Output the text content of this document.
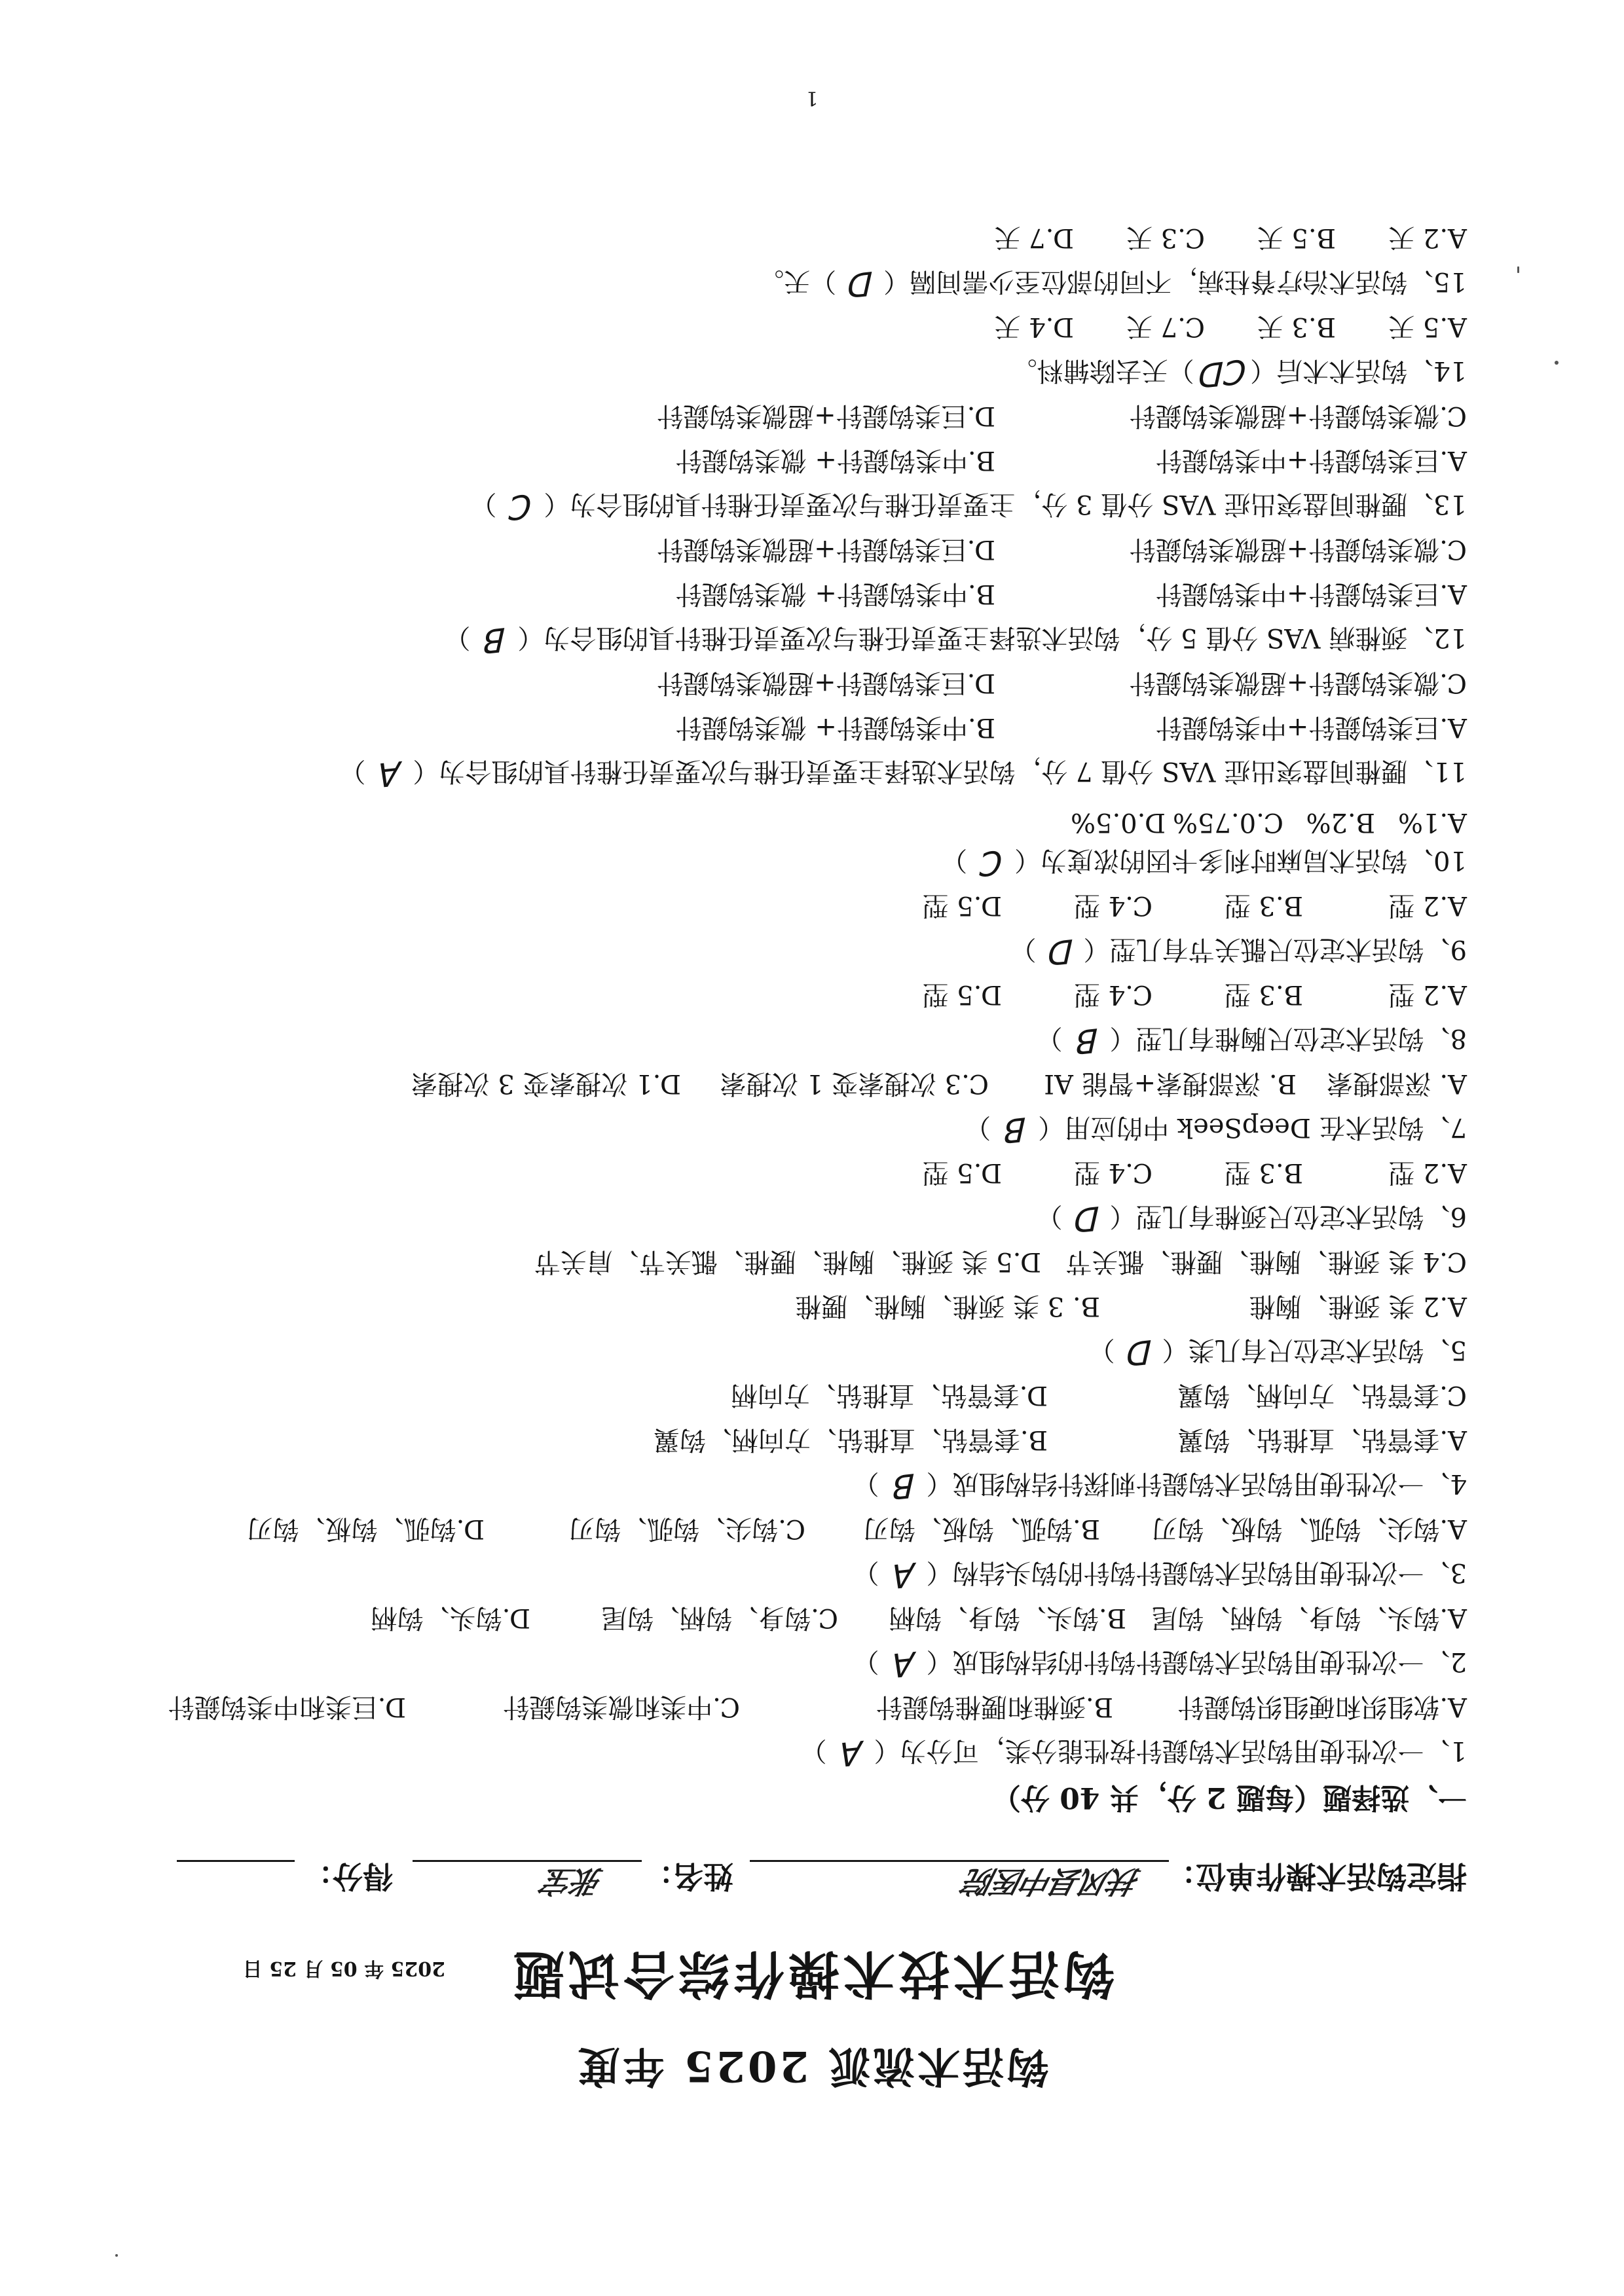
钩活术流派 2025 年度
钩活术技术操作综合试题
2025 年 05 月 25 日
指定钩活术操作单位：
扶风县中医院
姓名：
张宝
得分：
一、选择题（每题 2 分，共 40 分）
1、一次性使用钩活术钩鍉针按性能分类，可分为（A）
A.软组织和硬组织钩鍉针
B.颈椎和腰椎钩鍉针
C.中类和微类钩鍉针
D.巨类和中类钩鍉针
2、一次性使用钩活术钩鍉针钩针的结构组成（A）
A.钩头、钩身、钩柄、钩尾
B.钩头、钩身、钩柄
C.钩身、钩柄、钩尾
D.钩头、钩柄
3、一次性使用钩活术钩鍉针钩针的钩头结构（A）
A.钩尖、钩弧、钩板、钩刃
B.钩弧、钩板、钩刃
C.钩尖、钩弧、钩刃
D.钩弧、钩板、钩刃
4、一次性使用钩活术钩鍉针刺探针结构组成（B）
A.套管钻、直推钻、钩翼
B.套管钻、直推钻、方向柄、钩翼
C.套管钻、方向柄、钩翼
D.套管钻、直推钻、方向柄
5、钩活术定位尺有几类（D）
A.2 类 颈椎、胸椎
B. 3 类 颈椎、胸椎、腰椎
C.4 类 颈椎、胸椎、腰椎、骶关节
D.5 类 颈椎、胸椎、腰椎、骶关节、肩关节
6、钩活术定位尺颈椎有几型（D）
A.2 型
B.3 型
C.4 型
D.5 型
7、钩活术在 DeepSeek 中的应用（B）
A. 深部搜索
B. 深部搜索+智能 AI
C.3 次搜索变 1 次搜索
D.1 次搜索变 3 次搜索
8、钩活术定位尺胸椎有几型（B）
A.2 型
B.3 型
C.4 型
D.5 型
9、钩活术定位尺骶关节有几型（D）
A.2 型
B.3 型
C.4 型
D.5 型
10、钩活术局麻时利多卡因的浓度为（C）
A.1%
B.2%
C.0.75%
D.0.5%
11、腰椎间盘突出症 VAS 分值 7 分，钩活术选择主要责任椎与次要责任椎针具的组合为（A）
A.巨类钩鍉针+中类钩鍉针
B.中类钩鍉针+ 微类钩鍉针
C.微类钩鍉针+超微类钩鍉针
D.巨类钩鍉针+超微类钩鍉针
12、颈椎病 VAS 分值 5 分，钩活术选择主要责任椎与次要责任椎针具的组合为（B）
A.巨类钩鍉针+中类钩鍉针
B.中类钩鍉针+ 微类钩鍉针
C.微类钩鍉针+超微类钩鍉针
D.巨类钩鍉针+超微类钩鍉针
13、腰椎间盘突出症 VAS 分值 3 分，主要责任椎与次要责任椎针具的组合为（C）
A.巨类钩鍉针+中类钩鍉针
B.中类钩鍉针+ 微类钩鍉针
C.微类钩鍉针+超微类钩鍉针
D.巨类钩鍉针+超微类钩鍉针
14、钩活术术后（CD）天去除辅料。
A.5 天
B.3 天
C.7 天
D.4 天
15、钩活术治疗脊柱病，不同的部位至少需间隔（D）天。
A.2 天
B.5 天
C.3 天
D.7 天
1
